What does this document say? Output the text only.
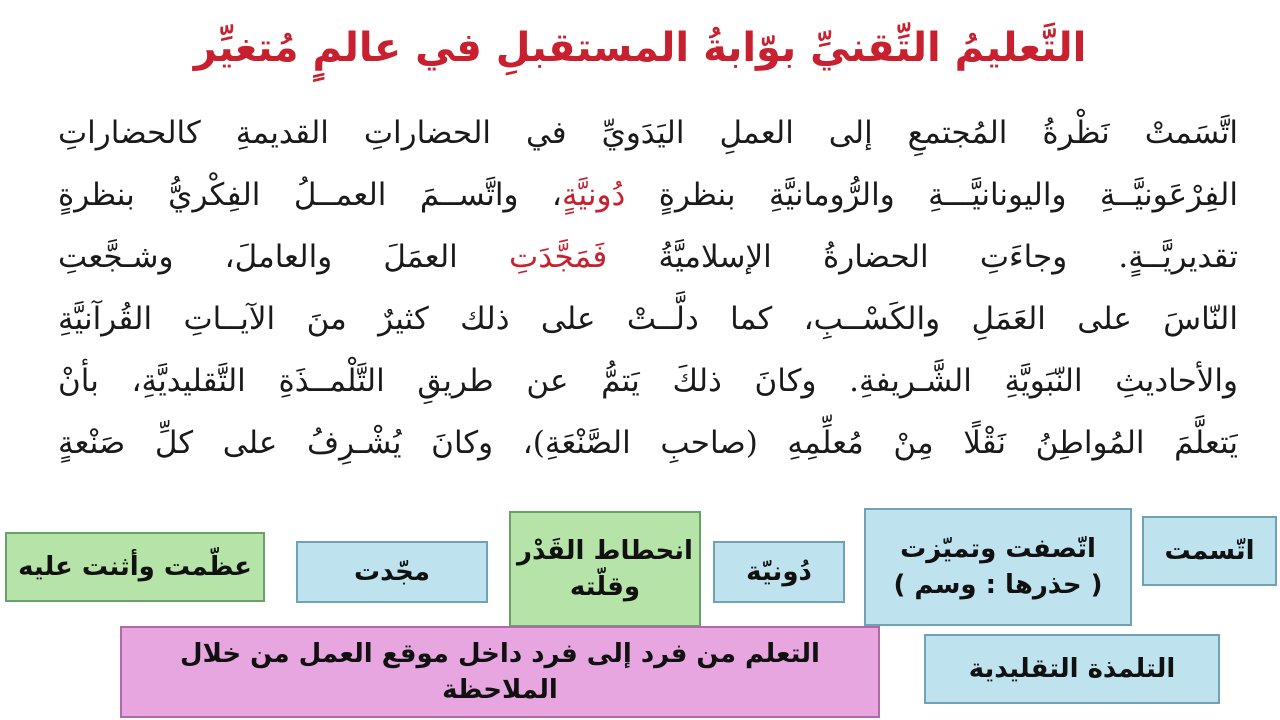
التَّعليمُ التِّقنيِّ بوّابةُ المستقبلِ في عالمٍ مُتغيِّر
اتَّسَمتْ نَظْرةُ المُجتمعِ إلى العملِ اليَدَويِّ في الحضاراتِ القديمةِ كالحضاراتِ
الفِرْعَونيَّــةِ واليونانيَّـــةِ والرُّومانيَّةِ بنظرةٍ دُونيَّةٍ، واتَّســمَ العمــلُ الفِكْريُّ بنظرةٍ
تقديريَّــةٍ. وجاءَتِ الحضارةُ الإسلاميَّةُ فَمَجَّدَتِ العمَلَ والعاملَ، وشـجَّعتِ
النّاسَ على العَمَلِ والكَسْــبِ، كما دلَّــتْ على ذلك كثيرٌ منَ الآيــاتِ القُرآنيَّةِ
والأحاديثِ النّبَويَّةِ الشَّـريفةِ. وكانَ ذلكَ يَتمُّ عن طريقِ التَّلْمــذَةِ التَّقليديَّةِ، بأنْ
يَتعلَّمَ المُواطِنُ نَقْلًا مِنْ مُعلِّمِهِ (صاحبِ الصَّنْعَةِ)، وكانَ يُشْـرِفُ على كلِّ صَنْعةٍ
اتّسمت
اتّصفت وتميّزت
( حذرها : وسم )
دُونيّة
انحطاط القَدْر
وقلّته
مجّدت
عظّمت وأثنت عليه
التلمذة التقليدية
التعلم من فرد إلى فرد داخل موقع العمل من خلال الملاحظة
